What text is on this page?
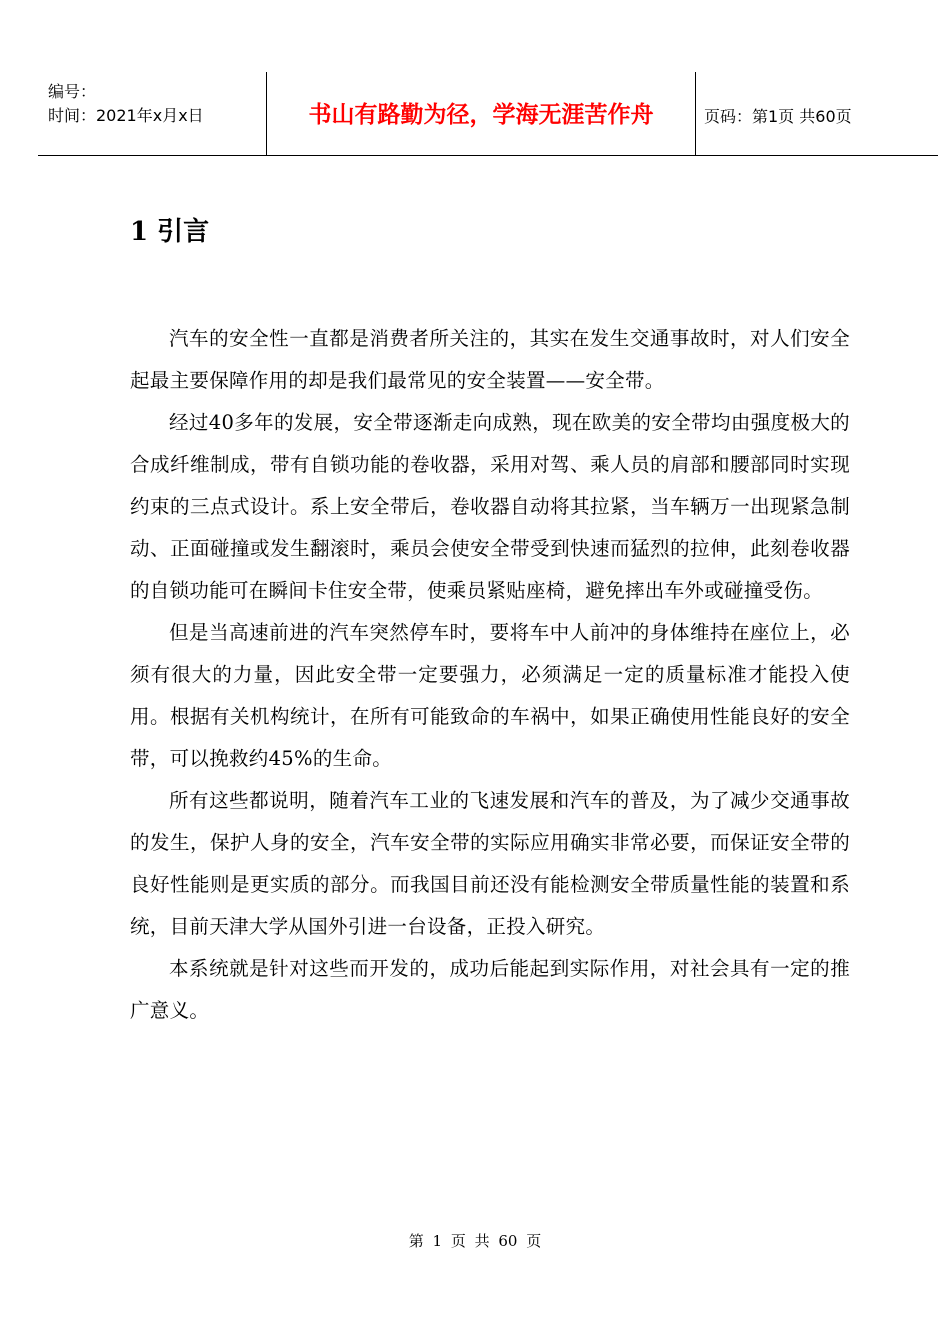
编号：
时间：2021年x月x日	书山有路勤为径，学海无涯苦作舟	页码：第1页 共60页
1 引言

汽车的安全性一直都是消费者所关注的，其实在发生交通事故时，对人们安全起最主要保障作用的却是我们最常见的安全装置——安全带。

经过40多年的发展，安全带逐渐走向成熟，现在欧美的安全带均由强度极大的合成纤维制成，带有自锁功能的卷收器，采用对驾、乘人员的肩部和腰部同时实现约束的三点式设计。系上安全带后，卷收器自动将其拉紧，当车辆万一出现紧急制动、正面碰撞或发生翻滚时，乘员会使安全带受到快速而猛烈的拉伸，此刻卷收器的自锁功能可在瞬间卡住安全带，使乘员紧贴座椅，避免摔出车外或碰撞受伤。

但是当高速前进的汽车突然停车时，要将车中人前冲的身体维持在座位上，必须有很大的力量，因此安全带一定要强力，必须满足一定的质量标准才能投入使用。根据有关机构统计，在所有可能致命的车祸中，如果正确使用性能良好的安全带，可以挽救约45%的生命。

所有这些都说明，随着汽车工业的飞速发展和汽车的普及，为了减少交通事故的发生，保护人身的安全，汽车安全带的实际应用确实非常必要，而保证安全带的良好性能则是更实质的部分。而我国目前还没有能检测安全带质量性能的装置和系统，目前天津大学从国外引进一台设备，正投入研究。

本系统就是针对这些而开发的，成功后能起到实际作用，对社会具有一定的推广意义。

第 1 页 共 60 页
